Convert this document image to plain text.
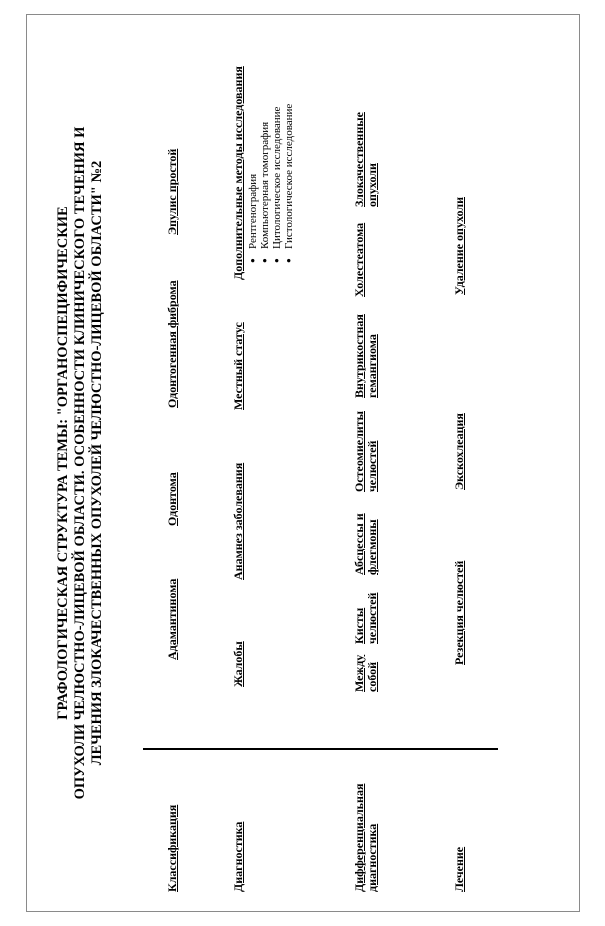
ГРАФОЛОГИЧЕСКАЯ СТРУКТУРА ТЕМЫ: "ОРГАНОСПЕЦИФИЧЕСКИЕ ОПУХОЛИ ЧЕЛЮСТНО-ЛИЦЕВОЙ ОБЛАСТИ. ОСОБЕННОСТИ КЛИНИЧЕСКОГО ТЕЧЕНИЯ И ЛЕЧЕНИЯ ЗЛОКАЧЕСТВЕННЫХ ОПУХОЛЕЙ ЧЕЛЮСТНО-ЛИЦЕВОЙ ОБЛАСТИ" №2
Классификация
Адамантинома
Одонтома
Одонтогенная фиброма
Эпулис простой
Диагностика
Жалобы
Анамнез заболевания
Местный статус
Дополнительные методы исследования ● Рентгенография ● Компьютерная томография ● Цитологическое исследование ● Гистологическое исследование
Дифференциальная диагностика
Между собой
Кисты челюстей
Абсцессы и флегмоны
Остеомиелиты челюстей
Внутрикостная гемангиома
Холестеатома
Злокачественные опухоли
Лечение
Резекция челюстей
Экскохлеация
Удаление опухоли
